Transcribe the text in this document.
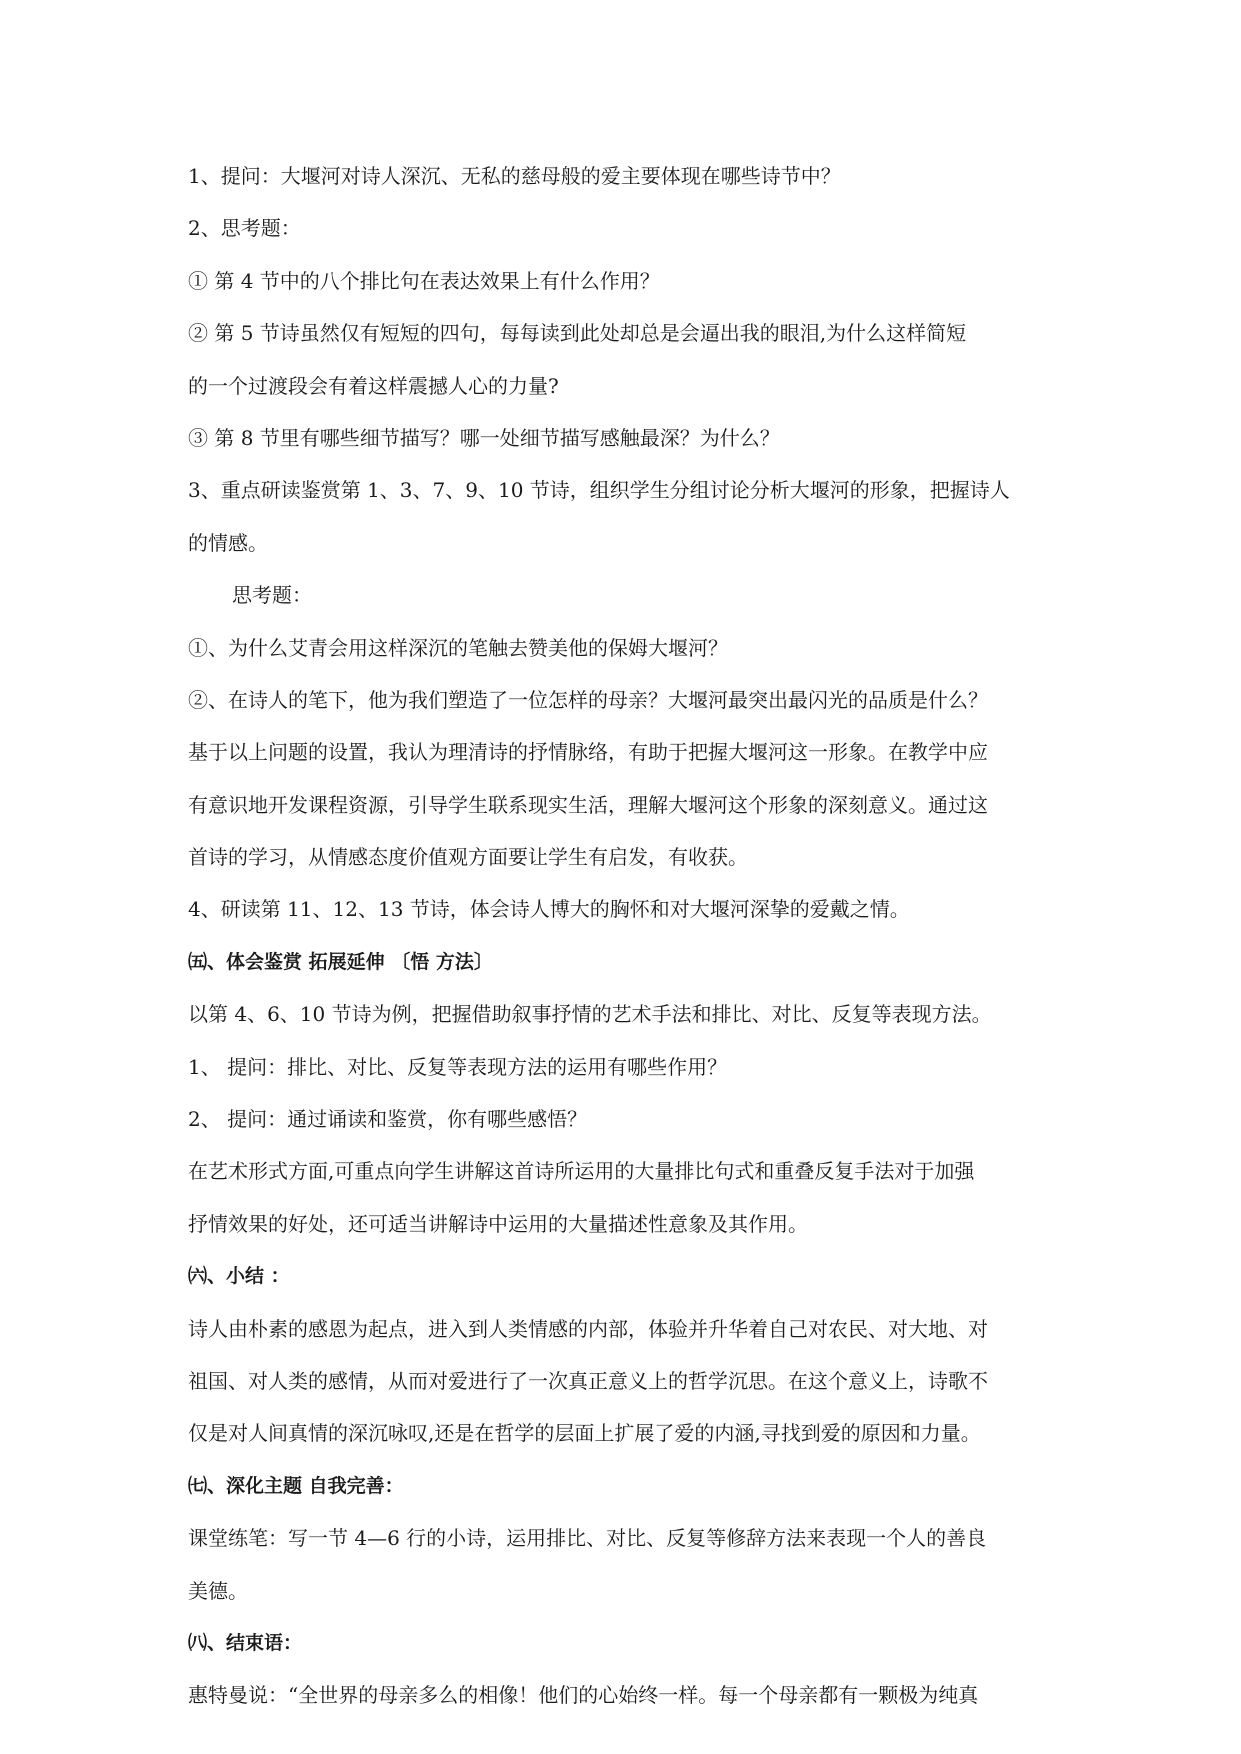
1、提问：大堰河对诗人深沉、无私的慈母般的爱主要体现在哪些诗节中？
2、思考题：
① 第 4 节中的八个排比句在表达效果上有什么作用？
② 第 5 节诗虽然仅有短短的四句，每每读到此处却总是会逼出我的眼泪,为什么这样简短
的一个过渡段会有着这样震撼人心的力量?
③ 第 8 节里有哪些细节描写？哪一处细节描写感触最深？为什么？
3、重点研读鉴赏第 1、3、7、9、10 节诗，组织学生分组讨论分析大堰河的形象，把握诗人
的情感。
思考题：
①、为什么艾青会用这样深沉的笔触去赞美他的保姆大堰河？
②、在诗人的笔下，他为我们塑造了一位怎样的母亲？大堰河最突出最闪光的品质是什么？
基于以上问题的设置，我认为理清诗的抒情脉络，有助于把握大堰河这一形象。在教学中应
有意识地开发课程资源，引导学生联系现实生活，理解大堰河这个形象的深刻意义。通过这
首诗的学习，从情感态度价值观方面要让学生有启发，有收获。
4、研读第 11、12、13 节诗，体会诗人博大的胸怀和对大堰河深挚的爱戴之情。
㈤、体会鉴赏 拓展延伸 〔悟 方法〕
以第 4、6、10 节诗为例，把握借助叙事抒情的艺术手法和排比、对比、反复等表现方法。
1、 提问：排比、对比、反复等表现方法的运用有哪些作用？
2、 提问：通过诵读和鉴赏，你有哪些感悟？
在艺术形式方面,可重点向学生讲解这首诗所运用的大量排比句式和重叠反复手法对于加强
抒情效果的好处，还可适当讲解诗中运用的大量描述性意象及其作用。
㈥、小结 ：
诗人由朴素的感恩为起点，进入到人类情感的内部，体验并升华着自己对农民、对大地、对
祖国、对人类的感情，从而对爱进行了一次真正意义上的哲学沉思。在这个意义上，诗歌不
仅是对人间真情的深沉咏叹,还是在哲学的层面上扩展了爱的内涵,寻找到爱的原因和力量。
㈦、深化主题 自我完善：
课堂练笔：写一节 4—6 行的小诗，运用排比、对比、反复等修辞方法来表现一个人的善良
美德。
㈧、结束语：
惠特曼说：“全世界的母亲多么的相像！他们的心始终一样。每一个母亲都有一颗极为纯真
